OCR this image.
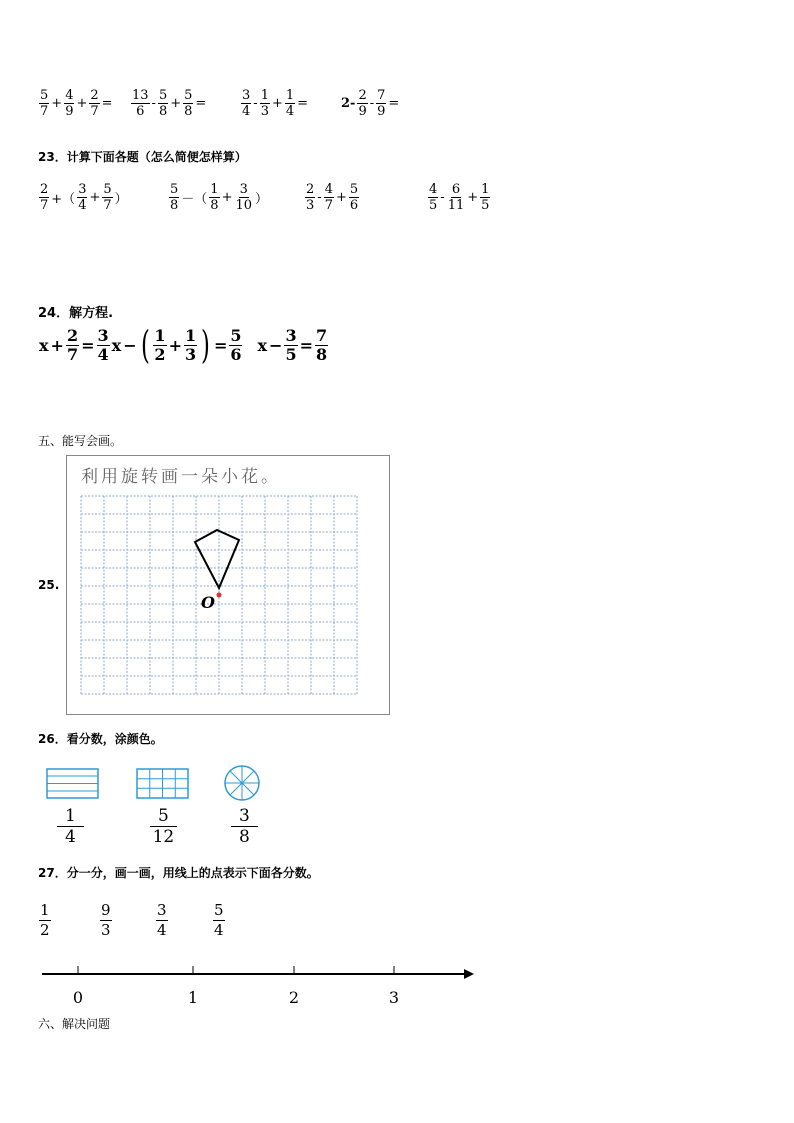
$\frac{5}{7} + \frac{4}{9} + \frac{2}{7} = \frac{13}{6} - \frac{5}{8} + \frac{5}{8}$ =	$\frac{3}{4} - \frac{1}{3} + \frac{1}{4}$ =	$2- \frac{2}{9} - \frac{7}{9}$ =
23．计算下面各题（怎么简便怎样算）
$\frac{2}{7}$ +（ $\frac{3}{4} + \frac{5}{7}$ ）	$\frac{5}{8}$ －（ $\frac{1}{8} + \frac{3}{10}$ ）	$\frac{2}{3} - \frac{4}{7} + \frac{5}{6}$	$\frac{4}{5} - \frac{6}{11} + \frac{1}{5}$
24．解方程.
$x + \frac{2}{7} = \frac{3}{4}$ x − ( $\frac{1}{2} + \frac{1}{3}$ ) = $\frac{5}{6}$ $x - \frac{3}{5} = \frac{7}{8}$
五、能写会画。
25.
利用旋转画一朵小花。
O
26．看分数，涂颜色。
1
4
5
12
3
8
27．分一分，画一画，用线上的点表示下面各分数。
$\frac{1}{2}$	$\frac{9}{3}$	$\frac{3}{4}$	$\frac{5}{4}$
0	1	2	3
六、解决问题
